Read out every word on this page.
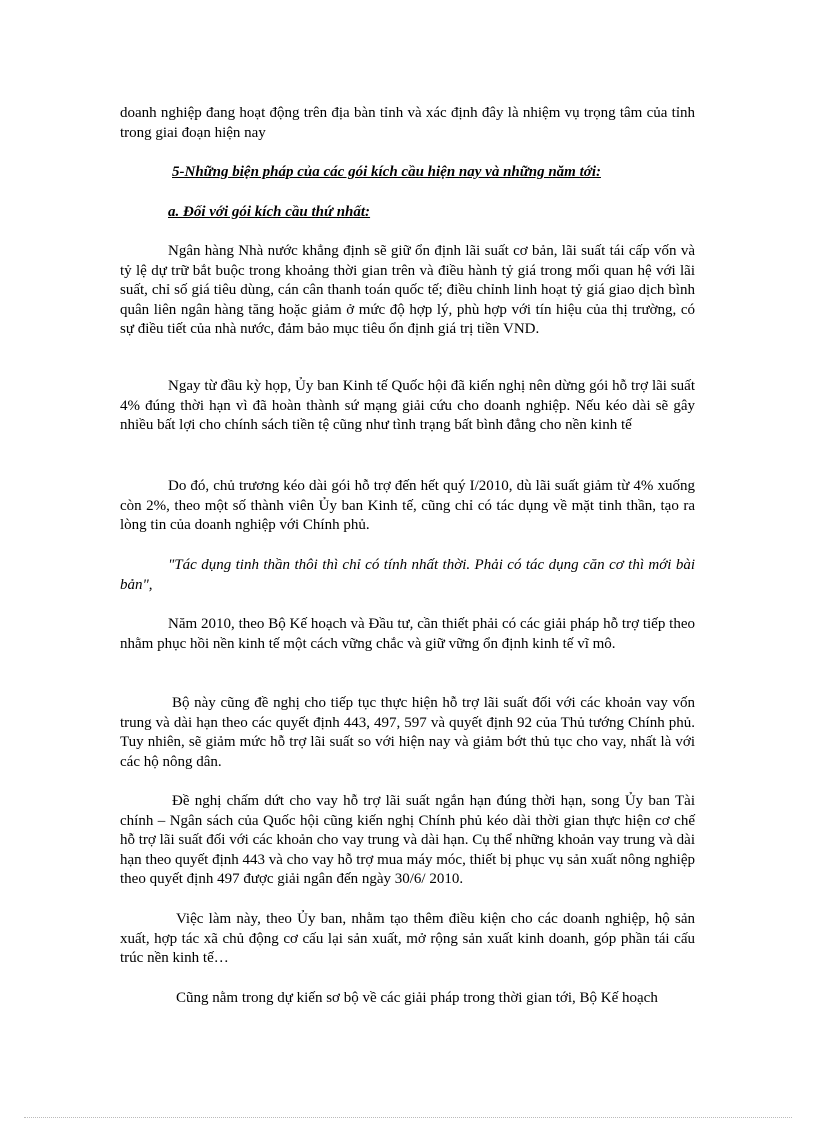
doanh nghiệp đang hoạt động trên địa bàn tỉnh và xác định đây là nhiệm vụ trọng tâm của tỉnh trong giai đoạn hiện nay

5-Những biện pháp của các gói kích cầu hiện nay và những năm tới:

a. Đối với gói kích cầu thứ nhất:

Ngân hàng Nhà nước khẳng định sẽ giữ ổn định lãi suất cơ bản, lãi suất tái cấp vốn và tỷ lệ dự trữ bắt buộc trong khoảng thời gian trên và điều hành tỷ giá trong mối quan hệ với lãi suất, chỉ số giá tiêu dùng, cán cân thanh toán quốc tế; điều chỉnh linh hoạt tỷ giá giao dịch bình quân liên ngân hàng tăng hoặc giảm ở mức độ hợp lý, phù hợp với tín hiệu của thị trường, có sự điều tiết của nhà nước, đảm bảo mục tiêu ổn định giá trị tiền VND.

Ngay từ đầu kỳ họp, Ủy ban Kinh tế Quốc hội đã kiến nghị nên dừng gói hỗ trợ lãi suất 4% đúng thời hạn vì đã hoàn thành sứ mạng giải cứu cho doanh nghiệp. Nếu kéo dài sẽ gây nhiều bất lợi cho chính sách tiền tệ cũng như tình trạng bất bình đẳng cho nền kinh tế

Do đó, chủ trương kéo dài gói hỗ trợ đến hết quý I/2010, dù lãi suất giảm từ 4% xuống còn 2%, theo một số thành viên Ủy ban Kinh tế, cũng chỉ có tác dụng về mặt tinh thần, tạo ra lòng tin của doanh nghiệp với Chính phủ.

"Tác dụng tinh thần thôi thì chỉ có tính nhất thời. Phải có tác dụng căn cơ thì mới bài bản",

Năm 2010, theo Bộ Kế hoạch và Đầu tư, cần thiết phải có các giải pháp hỗ trợ tiếp theo nhằm phục hồi nền kinh tế một cách vững chắc và giữ vững ổn định kinh tế vĩ mô.

Bộ này cũng đề nghị cho tiếp tục thực hiện hỗ trợ lãi suất đối với các khoản vay vốn trung và dài hạn theo các quyết định 443, 497, 597 và quyết định 92 của Thủ tướng Chính phủ. Tuy nhiên, sẽ giảm mức hỗ trợ lãi suất so với hiện nay và giảm bớt thủ tục cho vay, nhất là với các hộ nông dân.

Đề nghị chấm dứt cho vay hỗ trợ lãi suất ngắn hạn đúng thời hạn, song Ủy ban Tài chính – Ngân sách của Quốc hội cũng kiến nghị Chính phủ kéo dài thời gian thực hiện cơ chế hỗ trợ lãi suất đối với các khoản cho vay trung và dài hạn. Cụ thể những khoản vay trung và dài hạn theo quyết định 443 và cho vay hỗ trợ mua máy móc, thiết bị phục vụ sản xuất nông nghiệp theo quyết định 497 được giải ngân đến ngày 30/6/ 2010.

Việc làm này, theo Ủy ban, nhằm tạo thêm điều kiện cho các doanh nghiệp, hộ sản xuất, hợp tác xã chủ động cơ cấu lại sản xuất, mở rộng sản xuất kinh doanh, góp phần tái cấu trúc nền kinh tế…

Cũng nằm trong dự kiến sơ bộ về các giải pháp trong thời gian tới, Bộ Kế hoạch
